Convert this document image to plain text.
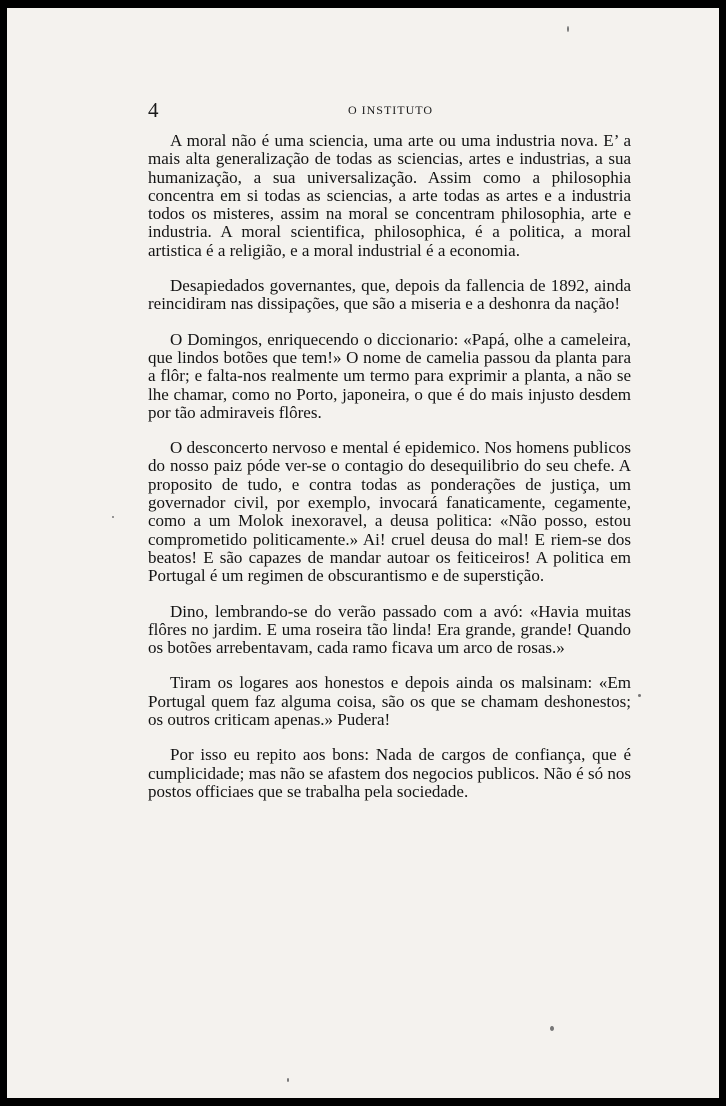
4	O INSTITUTO

A moral não é uma sciencia, uma arte ou uma industria nova. E’ a mais alta generalização de todas as sciencias, artes e industrias, a sua humanização, a sua universalização. Assim como a philosophia concentra em si todas as sciencias, a arte todas as artes e a industria todos os misteres, assim na moral se concentram philosophia, arte e industria. A moral scientifica, philosophica, é a politica, a moral artistica é a religião, e a moral industrial é a economia.

Desapiedados governantes, que, depois da fallencia de 1892, ainda reincidiram nas dissipações, que são a miseria e a deshonra da nação!

O Domingos, enriquecendo o diccionario: «Papá, olhe a cameleira, que lindos botões que tem!» O nome de camelia passou da planta para a flôr; e falta-nos realmente um termo para exprimir a planta, a não se lhe chamar, como no Porto, japoneira, o que é do mais injusto desdem por tão admiraveis flôres.

O desconcerto nervoso e mental é epidemico. Nos homens publicos do nosso paiz póde ver-se o contagio do desequilibrio do seu chefe. A proposito de tudo, e contra todas as ponderações de justiça, um governador civil, por exemplo, invocará fanaticamente, cegamente, como a um Molok inexoravel, a deusa politica: «Não posso, estou comprometido politicamente.» Ai! cruel deusa do mal! E riem-se dos beatos! E são capazes de mandar autoar os feiticeiros! A politica em Portugal é um regimen de obscurantismo e de superstição.

Dino, lembrando-se do verão passado com a avó: «Havia muitas flôres no jardim. E uma roseira tão linda! Era grande, grande! Quando os botões arrebentavam, cada ramo ficava um arco de rosas.»

Tiram os logares aos honestos e depois ainda os malsinam: «Em Portugal quem faz alguma coisa, são os que se chamam deshonestos; os outros criticam apenas.» Pudera!

Por isso eu repito aos bons: Nada de cargos de confiança, que é cumplicidade; mas não se afastem dos negocios publicos. Não é só nos postos officiaes que se trabalha pela sociedade.
